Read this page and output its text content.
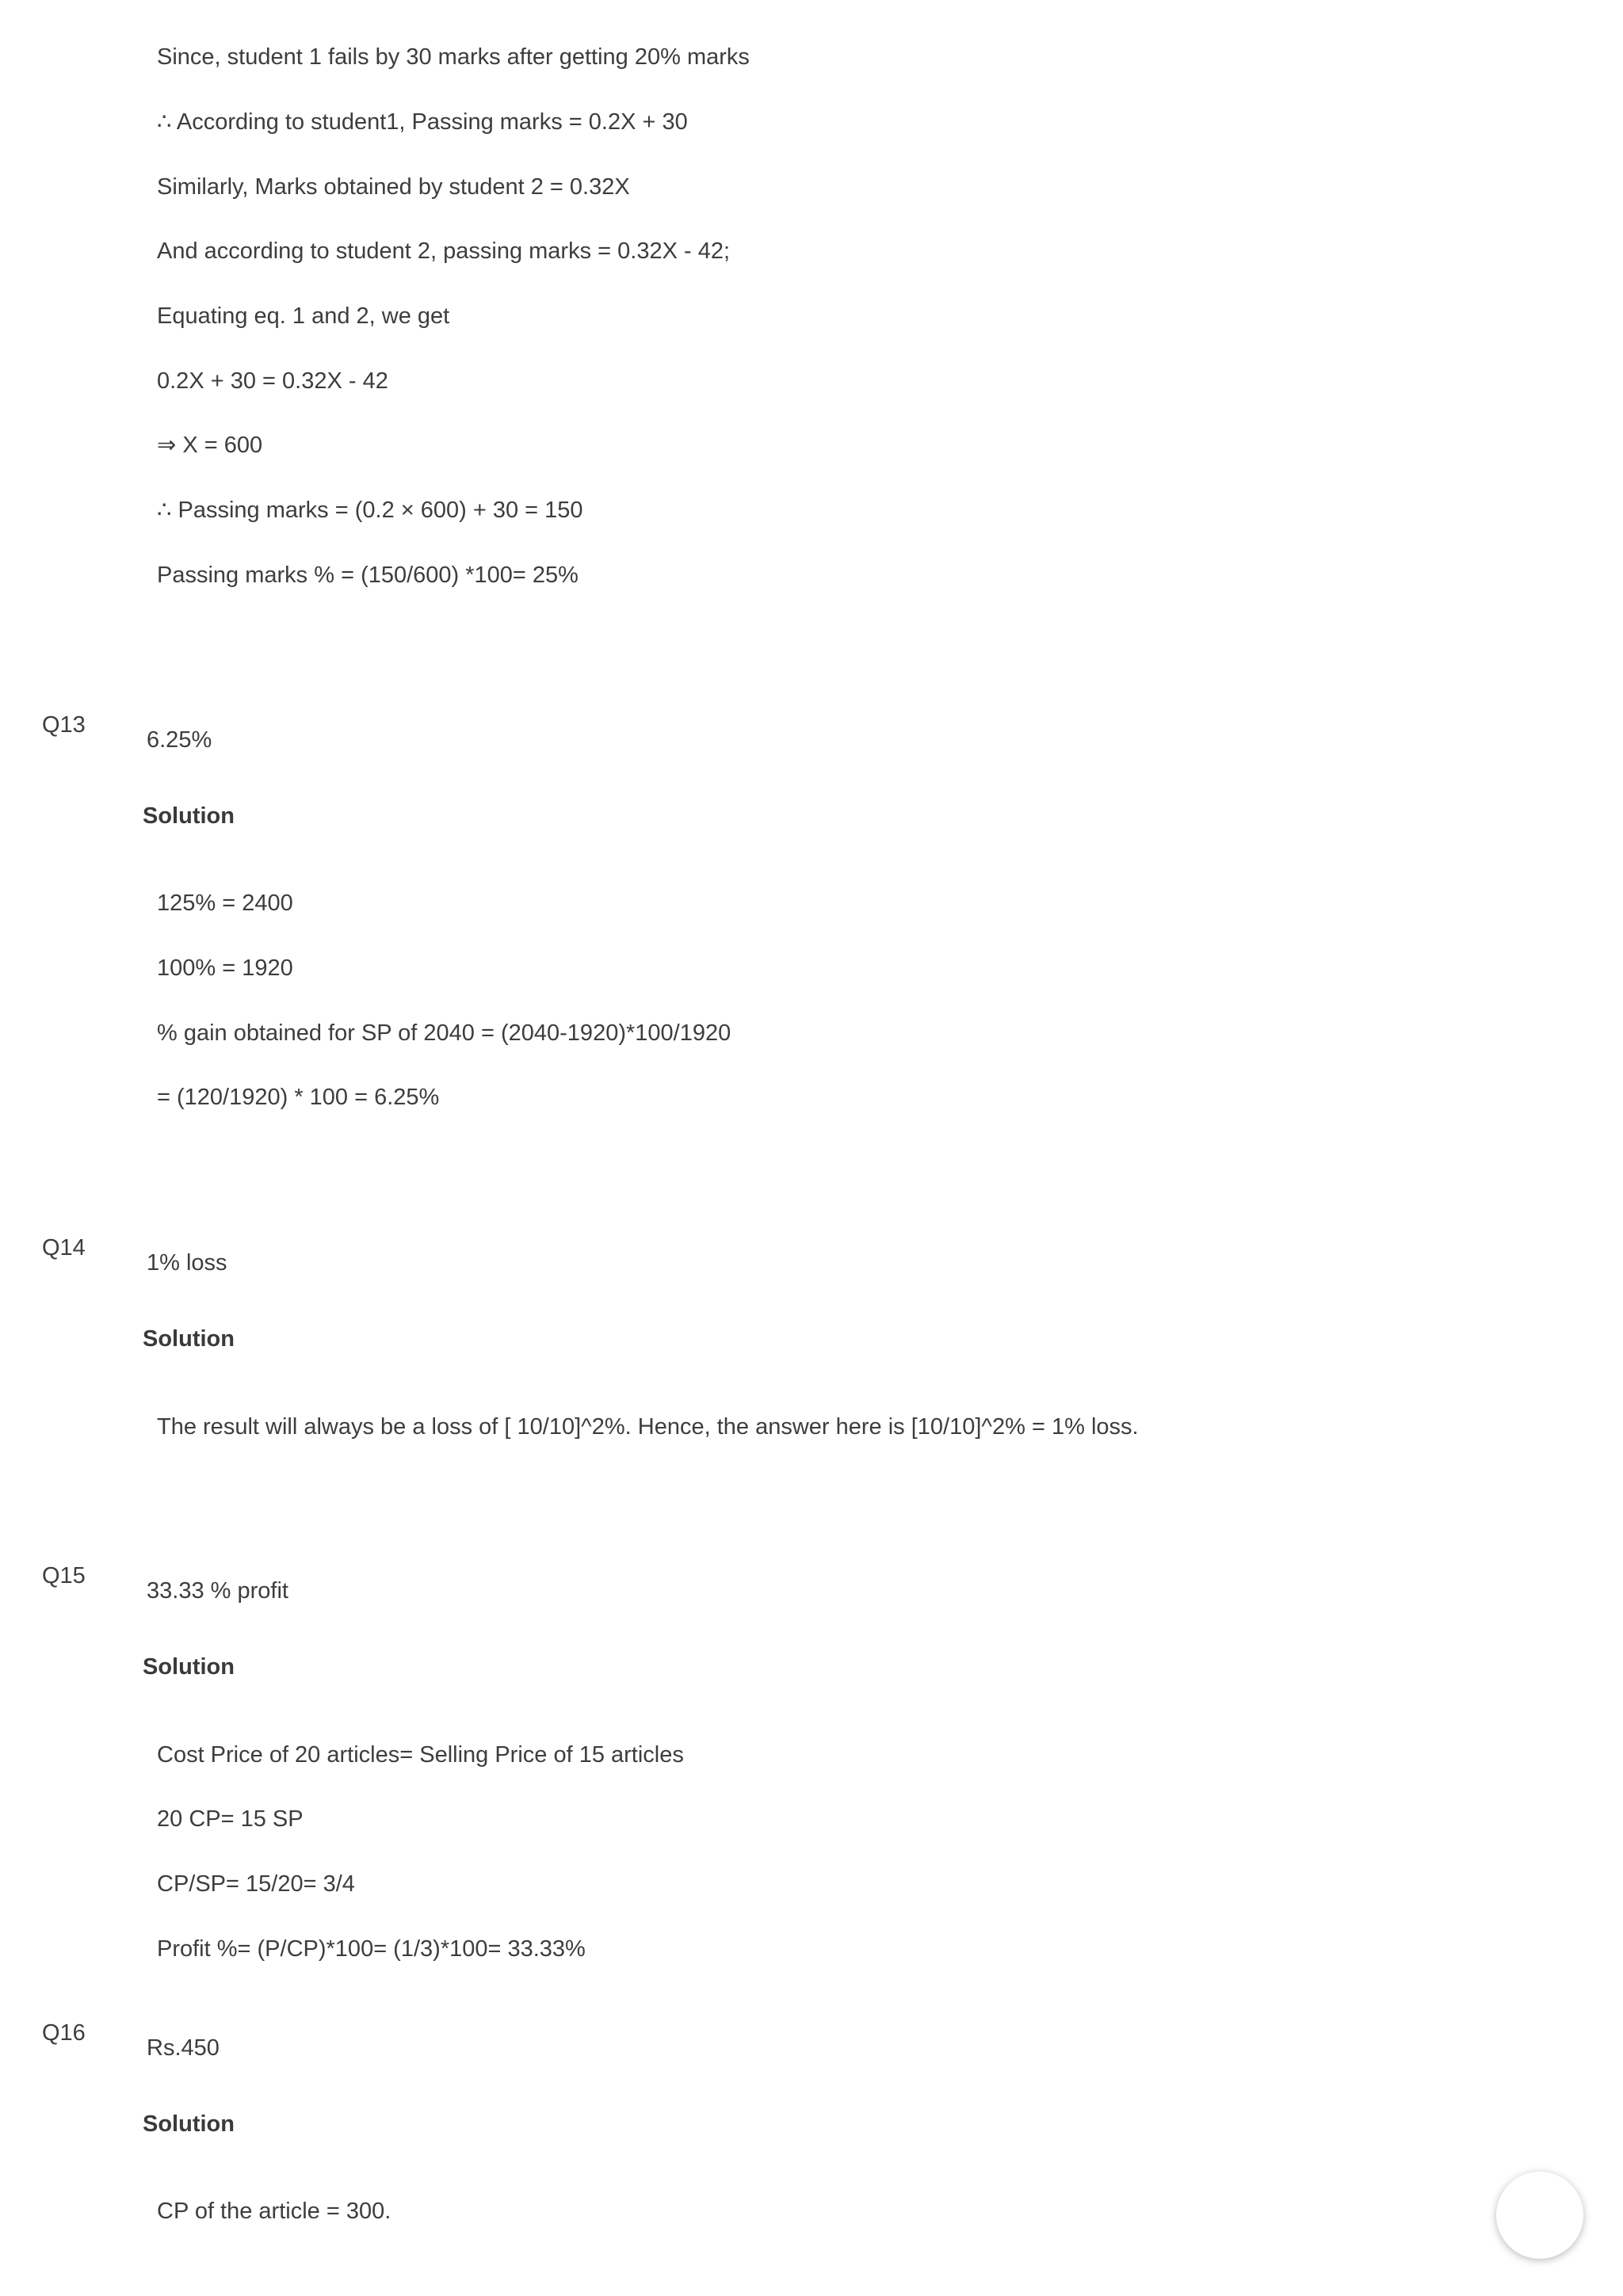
Since, student 1 fails by 30 marks after getting 20% marks
∴ According to student1, Passing marks = 0.2X + 30
Similarly, Marks obtained by student 2 = 0.32X
And according to student 2, passing marks = 0.32X - 42;
Equating eq. 1 and 2, we get
0.2X + 30 = 0.32X - 42
⇒ X = 600
∴ Passing marks = (0.2 × 600) + 30 = 150
Passing marks % = (150/600) *100= 25%
Q13
6.25%
Solution
125% = 2400
100% = 1920
% gain obtained for SP of 2040 = (2040-1920)*100/1920
= (120/1920) * 100 = 6.25%
Q14
1% loss
Solution
The result will always be a loss of [ 10/10]^2%. Hence, the answer here is [10/10]^2% = 1% loss.
Q15
33.33 % profit
Solution
Cost Price of 20 articles= Selling Price of 15 articles
20 CP= 15 SP
CP/SP= 15/20= 3/4
Profit %= (P/CP)*100= (1/3)*100= 33.33%
Q16
Rs.450
Solution
CP of the article = 300.
